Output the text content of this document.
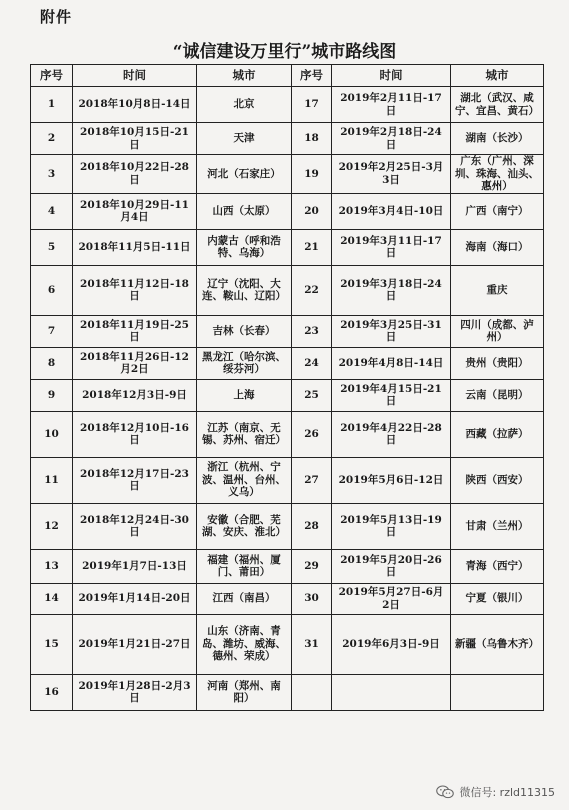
附件
“诚信建设万里行”城市路线图
序号	时间	城市	序号	时间	城市
1	2018年10月8日-14日	北京	17	2019年2月11日-17日	湖北（武汉、咸宁、宜昌、黄石）
2	2018年10月15日-21日	天津	18	2019年2月18日-24日	湖南（长沙）
3	2018年10月22日-28日	河北（石家庄）	19	2019年2月25日-3月3日	广东（广州、深圳、珠海、汕头、惠州）
4	2018年10月29日-11月4日	山西（太原）	20	2019年3月4日-10日	广西（南宁）
5	2018年11月5日-11日	内蒙古（呼和浩特、乌海）	21	2019年3月11日-17日	海南（海口）
6	2018年11月12日-18日	辽宁（沈阳、大连、鞍山、辽阳）	22	2019年3月18日-24日	重庆
7	2018年11月19日-25日	吉林（长春）	23	2019年3月25日-31日	四川（成都、泸州）
8	2018年11月26日-12月2日	黑龙江（哈尔滨、绥芬河）	24	2019年4月8日-14日	贵州（贵阳）
9	2018年12月3日-9日	上海	25	2019年4月15日-21日	云南（昆明）
10	2018年12月10日-16日	江苏（南京、无锡、苏州、宿迁）	26	2019年4月22日-28日	西藏（拉萨）
11	2018年12月17日-23日	浙江（杭州、宁波、温州、台州、义乌）	27	2019年5月6日-12日	陕西（西安）
12	2018年12月24日-30日	安徽（合肥、芜湖、安庆、淮北）	28	2019年5月13日-19日	甘肃（兰州）
13	2019年1月7日-13日	福建（福州、厦门、莆田）	29	2019年5月20日-26日	青海（西宁）
14	2019年1月14日-20日	江西（南昌）	30	2019年5月27日-6月2日	宁夏（银川）
15	2019年1月21日-27日	山东（济南、青岛、潍坊、威海、德州、荣成）	31	2019年6月3日-9日	新疆（乌鲁木齐）
16	2019年1月28日-2月3日	河南（郑州、南阳）			
微信号: rzld11315
